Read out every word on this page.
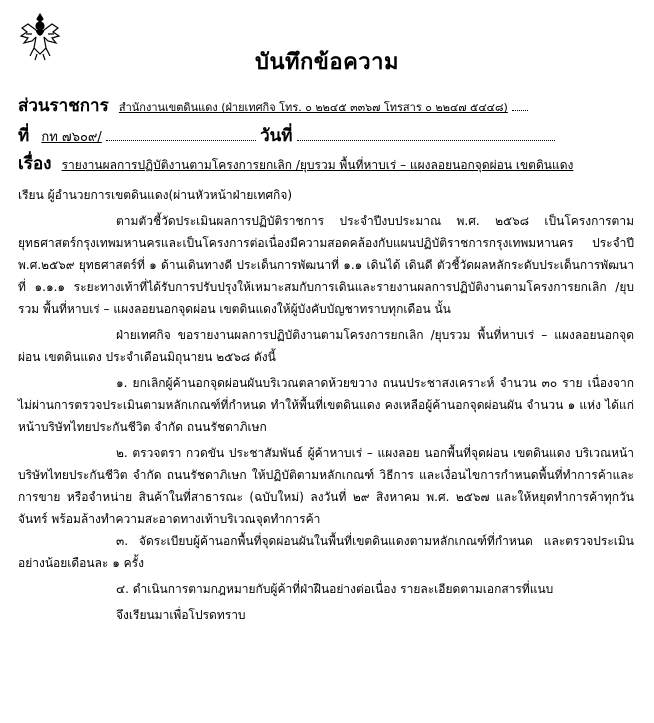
บันทึกข้อความ
ส่วนราชการ สำนักงานเขตดินแดง (ฝ่ายเทศกิจ โทร. ๐ ๒๒๔๕ ๓๓๖๗ โทรสาร ๐ ๒๒๔๗ ๕๔๔๘)
ที่ กท ๗๖๐๙/	วันที่
เรื่อง รายงานผลการปฏิบัติงานตามโครงการยกเลิก /ยุบรวม พื้นที่หาบเร่ – แผงลอยนอกจุดผ่อน เขตดินแดง

เรียน ผู้อำนวยการเขตดินแดง(ผ่านหัวหน้าฝ่ายเทศกิจ)

ตามตัวชี้วัดประเมินผลการปฏิบัติราชการ ประจำปีงบประมาณ พ.ศ. ๒๕๖๘ เป็นโครงการตามยุทธศาสตร์กรุงเทพมหานครและเป็นโครงการต่อเนื่องมีความสอดคล้องกับแผนปฏิบัติราชการกรุงเทพมหานคร ประจำปี พ.ศ.๒๕๖๙ ยุทธศาสตร์ที่ ๑ ด้านเดินทางดี ประเด็นการพัฒนาที่ ๑.๑ เดินได้ เดินดี ตัวชี้วัดผลหลักระดับประเด็นการพัฒนาที่ ๑.๑.๑ ระยะทางเท้าที่ได้รับการปรับปรุงให้เหมาะสมกับการเดินและรายงานผลการปฏิบัติงานตามโครงการยกเลิก /ยุบรวม พื้นที่หาบเร่ – แผงลอยนอกจุดผ่อน เขตดินแดงให้ผู้บังคับบัญชาทราบทุกเดือน นั้น

ฝ่ายเทศกิจ ขอรายงานผลการปฏิบัติงานตามโครงการยกเลิก /ยุบรวม พื้นที่หาบเร่ – แผงลอยนอกจุดผ่อน เขตดินแดง ประจำเดือนมิถุนายน ๒๕๖๘ ดังนี้

๑. ยกเลิกผู้ค้านอกจุดผ่อนผันบริเวณตลาดห้วยขวาง ถนนประชาสงเคราะห์ จำนวน ๓๐ ราย เนื่องจากไม่ผ่านการตรวจประเมินตามหลักเกณฑ์ที่กำหนด ทำให้พื้นที่เขตดินแดง คงเหลือผู้ค้านอกจุดผ่อนผัน จำนวน ๑ แห่ง ได้แก่ หน้าบริษัทไทยประกันชีวิต จำกัด ถนนรัชดาภิเษก

๒. ตรวจตรา กวดขัน ประชาสัมพันธ์ ผู้ค้าหาบเร่ – แผงลอย นอกพื้นที่จุดผ่อน เขตดินแดง บริเวณหน้าบริษัทไทยประกันชีวิต จำกัด ถนนรัชดาภิเษก ให้ปฏิบัติตามหลักเกณฑ์ วิธีการ และเงื่อนไขการกำหนดพื้นที่ทำการค้าและการขาย หรือจำหน่าย สินค้าในที่สาธารณะ (ฉบับใหม่) ลงวันที่ ๒๙ สิงหาคม พ.ศ. ๒๕๖๗ และให้หยุดทำการค้าทุกวันจันทร์ พร้อมล้างทำความสะอาดทางเท้าบริเวณจุดทำการค้า

๓. จัดระเบียบผู้ค้านอกพื้นที่จุดผ่อนผันในพื้นที่เขตดินแดงตามหลักเกณฑ์ที่กำหนด และตรวจประเมินอย่างน้อยเดือนละ ๑ ครั้ง

๔. ดำเนินการตามกฎหมายกับผู้ค้าที่ฝ่าฝืนอย่างต่อเนื่อง รายละเอียดตามเอกสารที่แนบ

จึงเรียนมาเพื่อโปรดทราบ
